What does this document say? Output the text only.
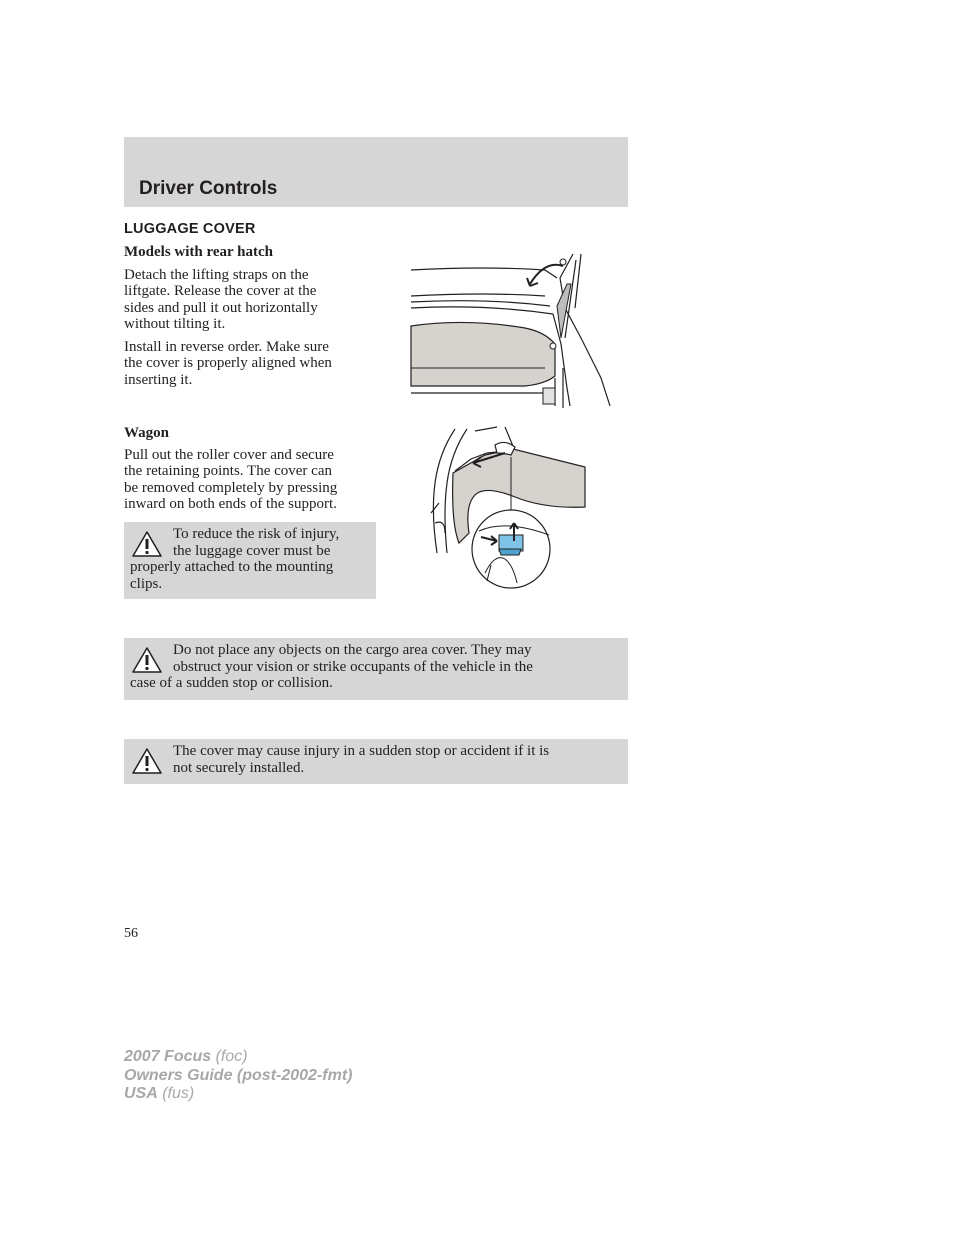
Driver Controls
LUGGAGE COVER
Models with rear hatch
Detach the lifting straps on the
liftgate. Release the cover at the
sides and pull it out horizontally
without tilting it.
Install in reverse order. Make sure
the cover is properly aligned when
inserting it.
Wagon
Pull out the roller cover and secure
the retaining points. The cover can
be removed completely by pressing
inward on both ends of the support.
To reduce the risk of injury,
the luggage cover must be
properly attached to the mounting
clips.
Do not place any objects on the cargo area cover. They may
obstruct your vision or strike occupants of the vehicle in the
case of a sudden stop or collision.
The cover may cause injury in a sudden stop or accident if it is
not securely installed.
56
2007 Focus (foc)
Owners Guide (post-2002-fmt)
USA (fus)
